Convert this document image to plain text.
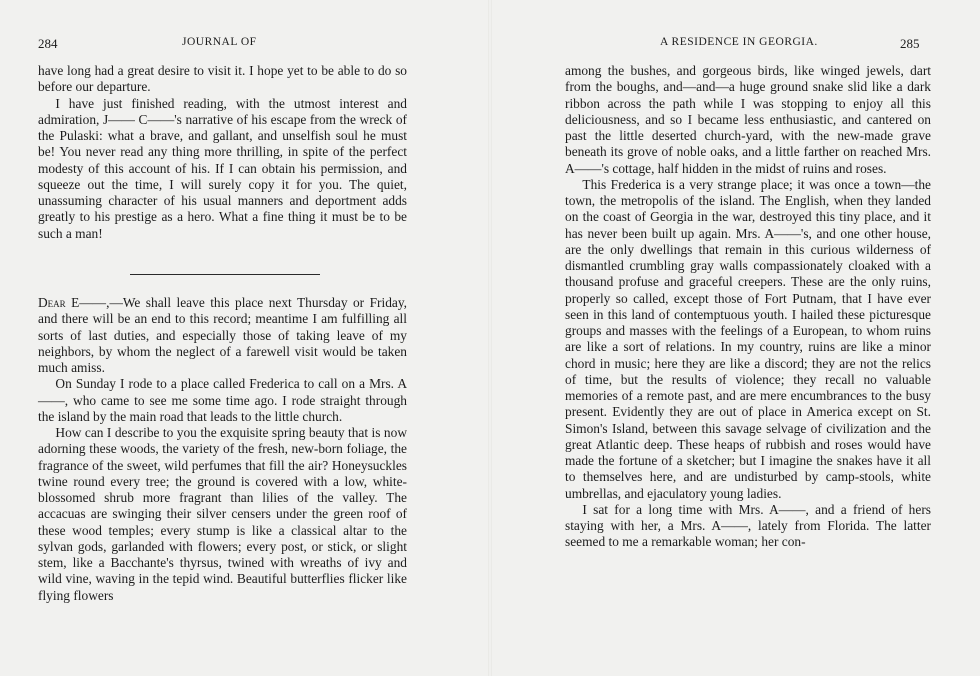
284	JOURNAL OF

have long had a great desire to visit it. I hope yet to be able to do so before our departure.

I have just finished reading, with the utmost interest and admiration, J—— C——'s narrative of his escape from the wreck of the Pulaski: what a brave, and gallant, and unselfish soul he must be! You never read any thing more thrilling, in spite of the perfect modesty of this account of his. If I can obtain his permission, and squeeze out the time, I will surely copy it for you. The quiet, unassuming character of his usual manners and deportment adds greatly to his prestige as a hero. What a fine thing it must be to be such a man!

Dear E——,—We shall leave this place next Thursday or Friday, and there will be an end to this record; meantime I am fulfilling all sorts of last duties, and especially those of taking leave of my neighbors, by whom the neglect of a farewell visit would be taken much amiss.

On Sunday I rode to a place called Frederica to call on a Mrs. A——, who came to see me some time ago. I rode straight through the island by the main road that leads to the little church.

How can I describe to you the exquisite spring beauty that is now adorning these woods, the variety of the fresh, new-born foliage, the fragrance of the sweet, wild perfumes that fill the air? Honeysuckles twine round every tree; the ground is covered with a low, white-blossomed shrub more fragrant than lilies of the valley. The accacuas are swinging their silver censers under the green roof of these wood temples; every stump is like a classical altar to the sylvan gods, garlanded with flowers; every post, or stick, or slight stem, like a Bacchante's thyrsus, twined with wreaths of ivy and wild vine, waving in the tepid wind. Beautiful butterflies flicker like flying flowers

A RESIDENCE IN GEORGIA.	285

among the bushes, and gorgeous birds, like winged jewels, dart from the boughs, and—and—a huge ground snake slid like a dark ribbon across the path while I was stopping to enjoy all this deliciousness, and so I became less enthusiastic, and cantered on past the little deserted church-yard, with the new-made grave beneath its grove of noble oaks, and a little farther on reached Mrs. A——'s cottage, half hidden in the midst of ruins and roses.

This Frederica is a very strange place; it was once a town—the town, the metropolis of the island. The English, when they landed on the coast of Georgia in the war, destroyed this tiny place, and it has never been built up again. Mrs. A——'s, and one other house, are the only dwellings that remain in this curious wilderness of dismantled crumbling gray walls compassionately cloaked with a thousand profuse and graceful creepers. These are the only ruins, properly so called, except those of Fort Putnam, that I have ever seen in this land of contemptuous youth. I hailed these picturesque groups and masses with the feelings of a European, to whom ruins are like a sort of relations. In my country, ruins are like a minor chord in music; here they are like a discord; they are not the relics of time, but the results of violence; they recall no valuable memories of a remote past, and are mere encumbrances to the busy present. Evidently they are out of place in America except on St. Simon's Island, between this savage selvage of civilization and the great Atlantic deep. These heaps of rubbish and roses would have made the fortune of a sketcher; but I imagine the snakes have it all to themselves here, and are undisturbed by camp-stools, white umbrellas, and ejaculatory young ladies.

I sat for a long time with Mrs. A——, and a friend of hers staying with her, a Mrs. A——, lately from Florida. The latter seemed to me a remarkable woman; her con-
